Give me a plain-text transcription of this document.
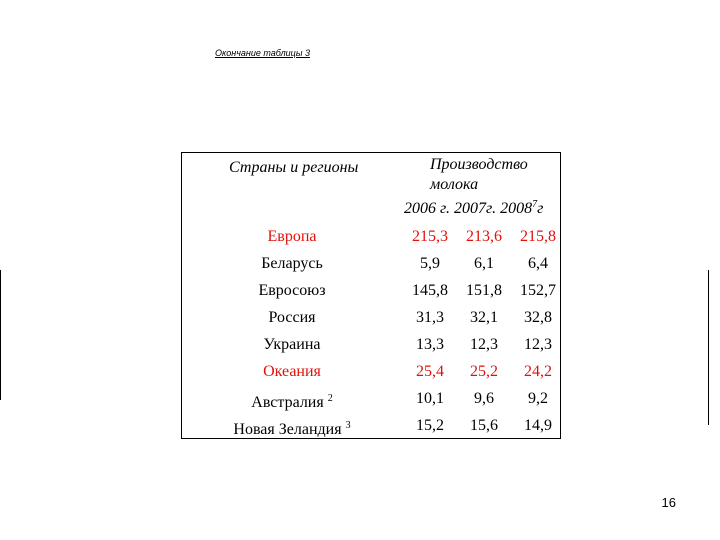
Окончание таблицы 3
Страны и регионы	Производство
молока
2006 г. 2007г. 2008$^7$г
Европа	215,3	213,6	215,8
Беларусь	5,9	6,1	6,4
Евросоюз	145,8	151,8	152,7
Россия	31,3	32,1	32,8
Украина	13,3	12,3	12,3
Океания	25,4	25,2	24,2
Австралия $^2$	10,1	9,6	9,2
Новая Зеландия $^3$	15,2	15,6	14,9
16
